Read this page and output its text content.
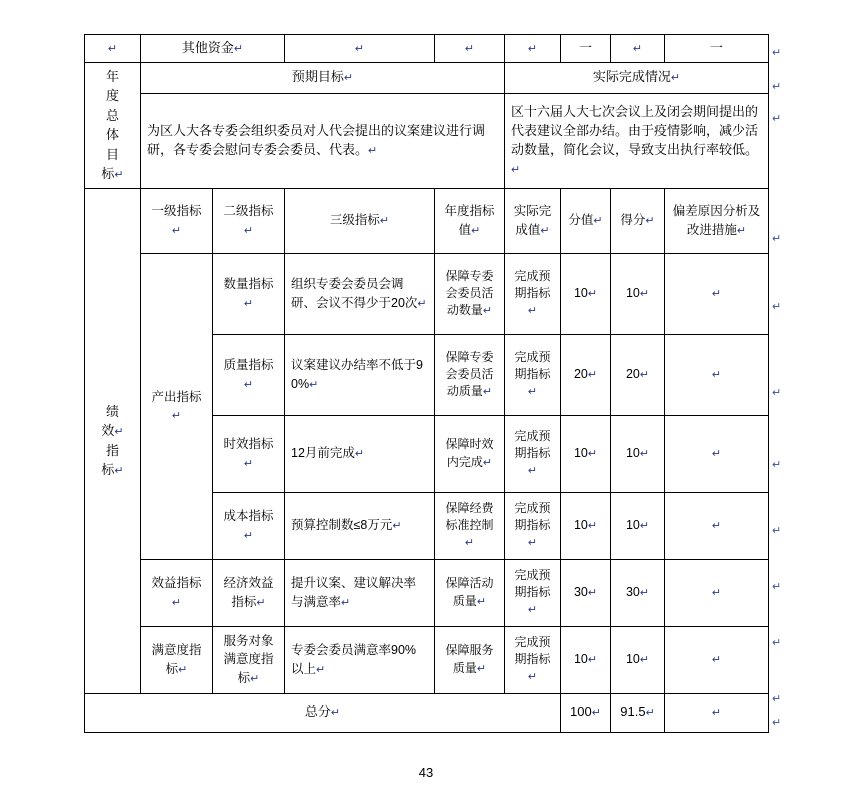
↵	其他资金↵		↵	↵	↵	一	↵	一

年
度
总
体
目
标↵
	预期目标↵	实际完成情况↵
	为区人大各专委会组织委员对人代会提出的议案建议进行调研，各专委会慰问专委会委员、代表。↵				区十六届人大七次会议上及闭会期间提出的代表建议全部办结。由于疫情影响，减少活动数量，简化会议，导致支出执行率较低。↵			

绩
效↵
指
标↵	一级指标↵	二级指标↵	三级指标↵	年度指标值↵	实际完成值↵	分值↵	得分↵	偏差原因分析及改进措施↵
	产出指标↵	数量指标↵	组织专委会委员会调研、会议不得少于20次↵	保障专委会委员活动数量↵	完成预期指标↵	10↵	10↵	↵
		质量指标↵	议案建议办结率不低于90%↵	保障专委会委员活动质量↵	完成预期指标↵	20↵	20↵	↵
		时效指标↵	12月前完成↵	保障时效内完成↵	完成预期指标↵	10↵	10↵	↵
		成本指标↵	预算控制数≤8万元↵	保障经费标准控制↵	完成预期指标↵	10↵	10↵	↵
	效益指标↵	经济效益指标↵	提升议案、建议解决率与满意率↵	保障活动质量↵	完成预期指标↵	30↵	30↵	↵
	满意度指标↵	服务对象满意度指标↵	专委会委员满意率90%以上↵	保障服务质量↵	完成预期指标↵	10↵	10↵	↵
总分↵						100↵	91.5↵	↵
↵
↵
↵
↵
↵
↵
↵
↵
↵
↵
↵
↵
43
